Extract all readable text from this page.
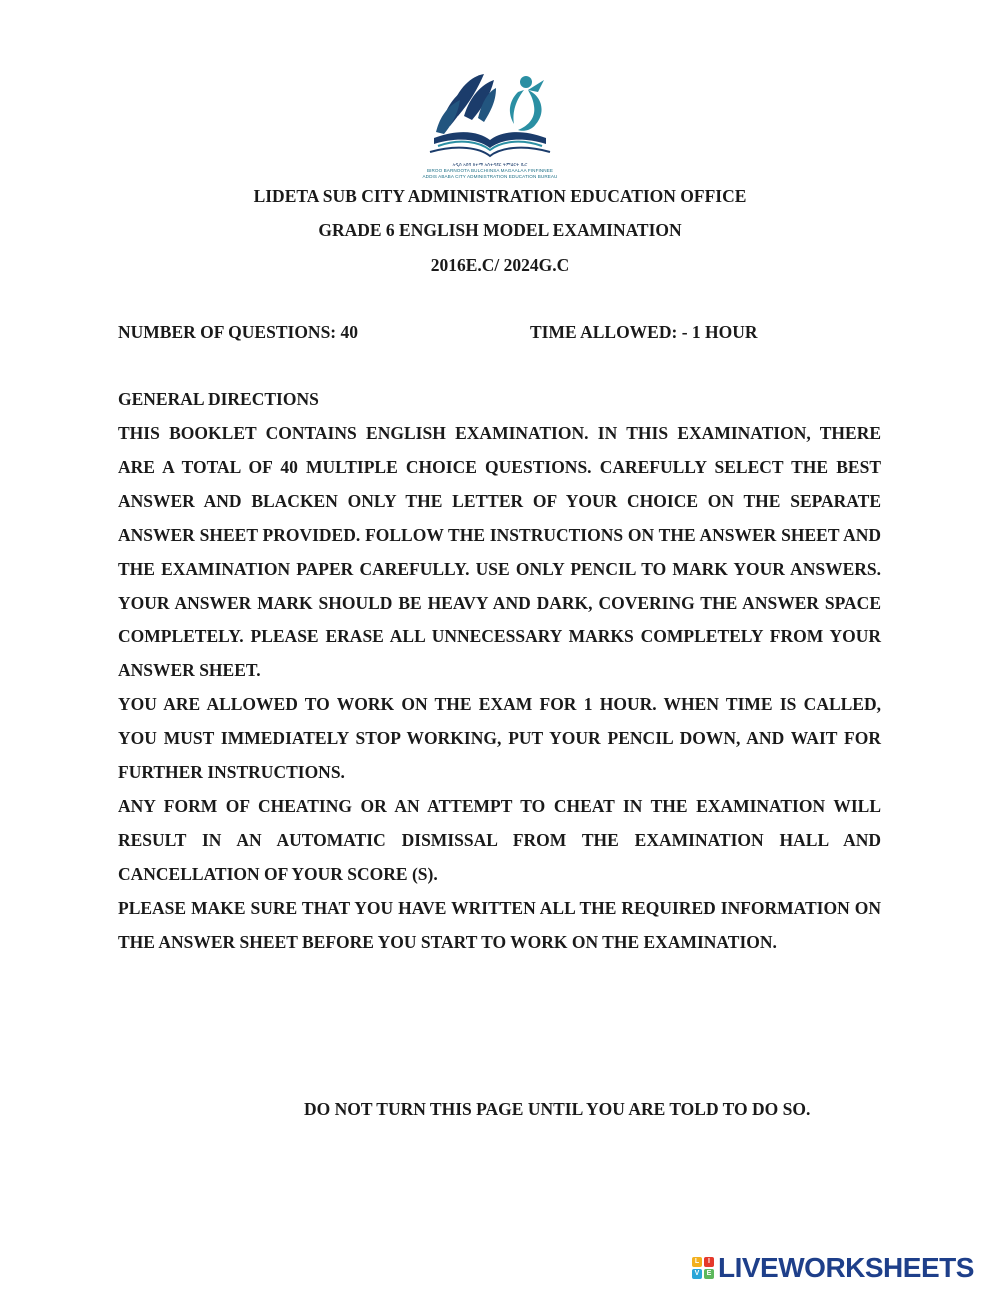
አዲስ አበባ ከተማ አስተዳደር ትምህርት ቢሮ
BIROO BARNOOTA BULCHIINSA MAGAALAA FINFINNEE
ADDIS ABABA CITY ADMINISTRATION EDUCATION BUREAU
LIDETA SUB CITY ADMINISTRATION EDUCATION OFFICE
GRADE 6 ENGLISH MODEL EXAMINATION
2016E.C/ 2024G.C
NUMBER OF QUESTIONS: 40	TIME ALLOWED: - 1 HOUR
GENERAL DIRECTIONS

THIS BOOKLET CONTAINS ENGLISH EXAMINATION. IN THIS EXAMINATION, THERE ARE A TOTAL OF 40 MULTIPLE CHOICE QUESTIONS. CAREFULLY SELECT THE BEST ANSWER AND BLACKEN ONLY THE LETTER OF YOUR CHOICE ON THE SEPARATE ANSWER SHEET PROVIDED. FOLLOW THE INSTRUCTIONS ON THE ANSWER SHEET AND THE EXAMINATION PAPER CAREFULLY. USE ONLY PENCIL TO MARK YOUR ANSWERS. YOUR ANSWER MARK SHOULD BE HEAVY AND DARK, COVERING THE ANSWER SPACE COMPLETELY. PLEASE ERASE ALL UNNECESSARY MARKS COMPLETELY FROM YOUR ANSWER SHEET.

YOU ARE ALLOWED TO WORK ON THE EXAM FOR 1 HOUR. WHEN TIME IS CALLED, YOU MUST IMMEDIATELY STOP WORKING, PUT YOUR PENCIL DOWN, AND WAIT FOR FURTHER INSTRUCTIONS.

ANY FORM OF CHEATING OR AN ATTEMPT TO CHEAT IN THE EXAMINATION WILL RESULT IN AN AUTOMATIC DISMISSAL FROM THE EXAMINATION HALL AND CANCELLATION OF YOUR SCORE (S).

PLEASE MAKE SURE THAT YOU HAVE WRITTEN ALL THE REQUIRED INFORMATION ON THE ANSWER SHEET BEFORE YOU START TO WORK ON THE EXAMINATION.

DO NOT TURN THIS PAGE UNTIL YOU ARE TOLD TO DO SO.
L	I
V	E LIVEWORKSHEETS
